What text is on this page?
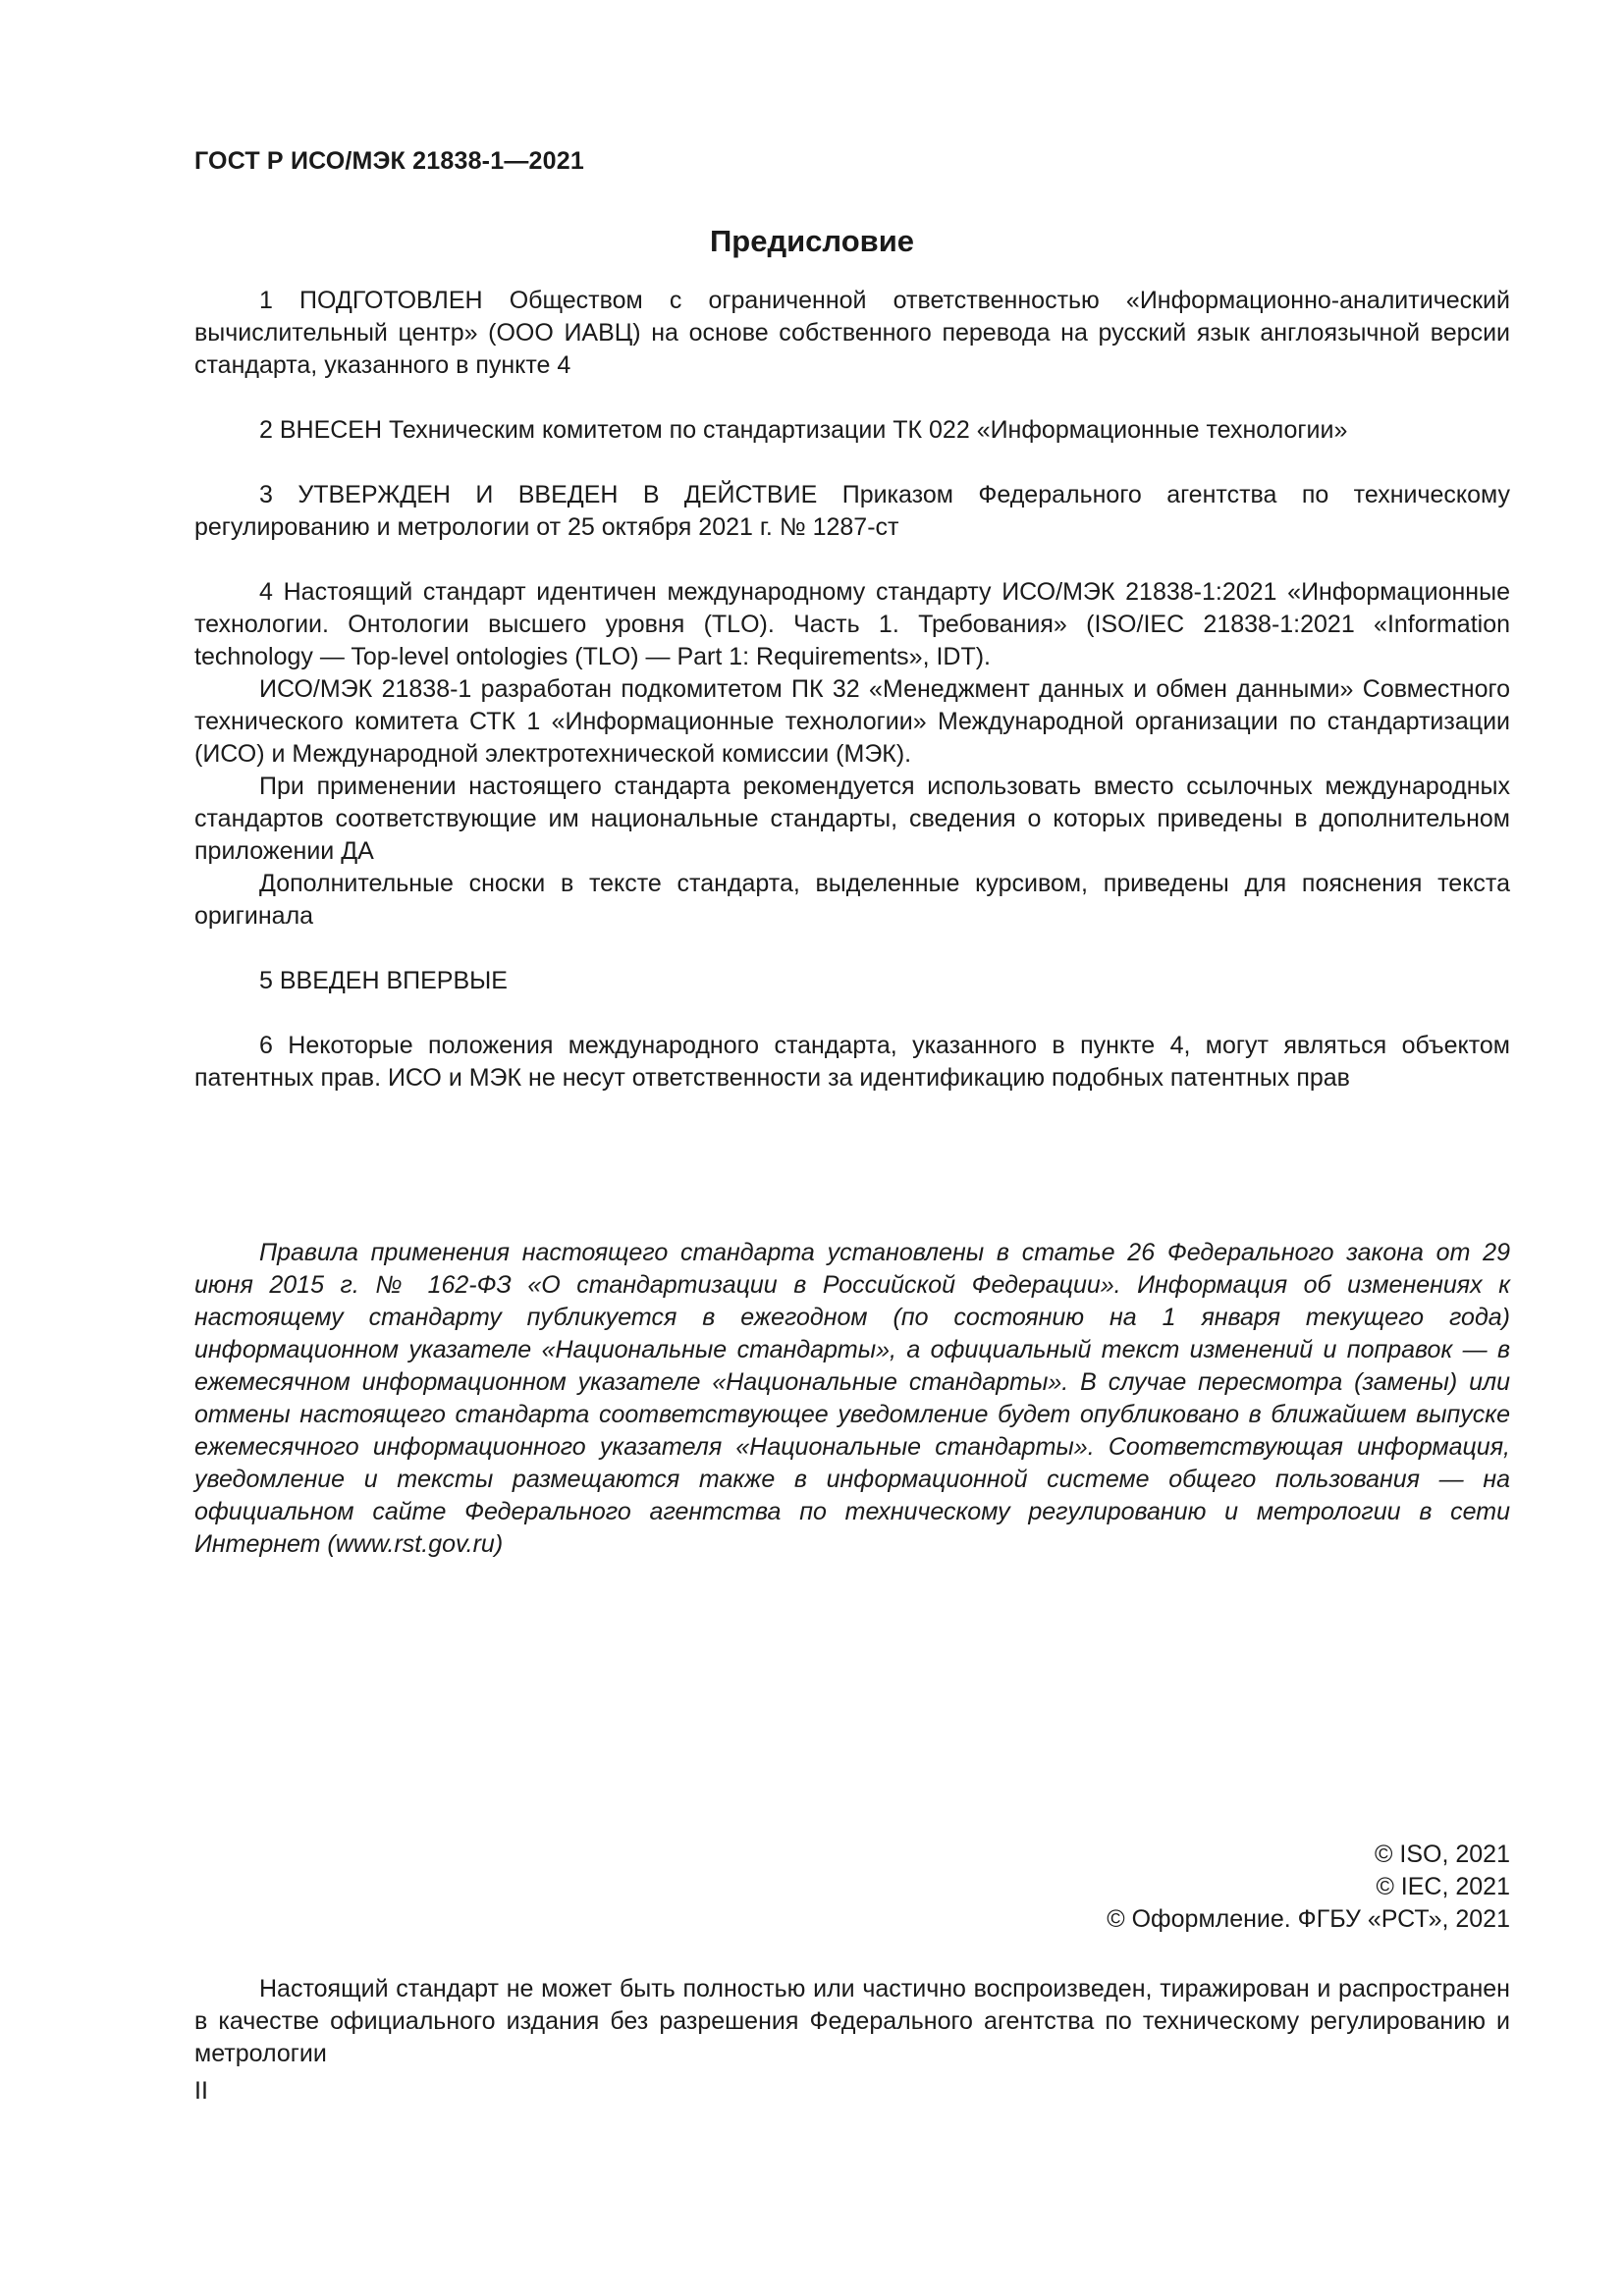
ГОСТ Р ИСО/МЭК 21838-1—2021
Предисловие

1 ПОДГОТОВЛЕН Обществом с ограниченной ответственностью «Информационно-аналитический вычислительный центр» (ООО ИАВЦ) на основе собственного перевода на русский язык англоязычной версии стандарта, указанного в пункте 4

2 ВНЕСЕН Техническим комитетом по стандартизации ТК 022 «Информационные технологии»

3 УТВЕРЖДЕН И ВВЕДЕН В ДЕЙСТВИЕ Приказом Федерального агентства по техническому регулированию и метрологии от 25 октября 2021 г. № 1287-ст

4 Настоящий стандарт идентичен международному стандарту ИСО/МЭК 21838-1:2021 «Информационные технологии. Онтологии высшего уровня (TLO). Часть 1. Требования» (ISO/IEC 21838-1:2021 «Information technology — Top-level ontologies (TLO) — Part 1: Requirements», IDT).

ИСО/МЭК 21838-1 разработан подкомитетом ПК 32 «Менеджмент данных и обмен данными» Совместного технического комитета СТК 1 «Информационные технологии» Международной организации по стандартизации (ИСО) и Международной электротехнической комиссии (МЭК).

При применении настоящего стандарта рекомендуется использовать вместо ссылочных международных стандартов соответствующие им национальные стандарты, сведения о которых приведены в дополнительном приложении ДА

Дополнительные сноски в тексте стандарта, выделенные курсивом, приведены для пояснения текста оригинала

5 ВВЕДЕН ВПЕРВЫЕ

6 Некоторые положения международного стандарта, указанного в пункте 4, могут являться объектом патентных прав. ИСО и МЭК не несут ответственности за идентификацию подобных патентных прав

Правила применения настоящего стандарта установлены в статье 26 Федерального закона от 29 июня 2015 г. № 162-ФЗ «О стандартизации в Российской Федерации». Информация об изменениях к настоящему стандарту публикуется в ежегодном (по состоянию на 1 января текущего года) информационном указателе «Национальные стандарты», а официальный текст изменений и поправок — в ежемесячном информационном указателе «Национальные стандарты». В случае пересмотра (замены) или отмены настоящего стандарта соответствующее уведомление будет опубликовано в ближайшем выпуске ежемесячного информационного указателя «Национальные стандарты». Соответствующая информация, уведомление и тексты размещаются также в информационной системе общего пользования — на официальном сайте Федерального агентства по техническому регулированию и метрологии в сети Интернет (www.rst.gov.ru)

© ISO, 2021
© IEC, 2021
© Оформление. ФГБУ «РСТ», 2021

Настоящий стандарт не может быть полностью или частично воспроизведен, тиражирован и распространен в качестве официального издания без разрешения Федерального агентства по техническому регулированию и метрологии

II
